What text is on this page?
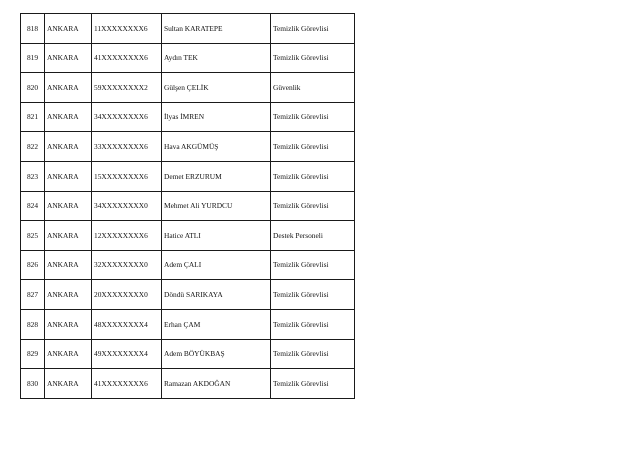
818	ANKARA	11XXXXXXXX6	Sultan KARATEPE	Temizlik Görevlisi
819	ANKARA	41XXXXXXXX6	Aydın TEK	Temizlik Görevlisi
820	ANKARA	59XXXXXXXX2	Gülşen ÇELİK	Güvenlik
821	ANKARA	34XXXXXXXX6	İlyas İMREN	Temizlik Görevlisi
822	ANKARA	33XXXXXXXX6	Hava AKGÜMÜŞ	Temizlik Görevlisi
823	ANKARA	15XXXXXXXX6	Demet ERZURUM	Temizlik Görevlisi
824	ANKARA	34XXXXXXXX0	Mehmet Ali YURDCU	Temizlik Görevlisi
825	ANKARA	12XXXXXXXX6	Hatice ATLI	Destek Personeli
826	ANKARA	32XXXXXXXX0	Adem ÇALI	Temizlik Görevlisi
827	ANKARA	20XXXXXXXX0	Döndü SARIKAYA	Temizlik Görevlisi
828	ANKARA	48XXXXXXXX4	Erhan ÇAM	Temizlik Görevlisi
829	ANKARA	49XXXXXXXX4	Adem BÖYÜKBAŞ	Temizlik Görevlisi
830	ANKARA	41XXXXXXXX6	Ramazan AKDOĞAN	Temizlik Görevlisi
